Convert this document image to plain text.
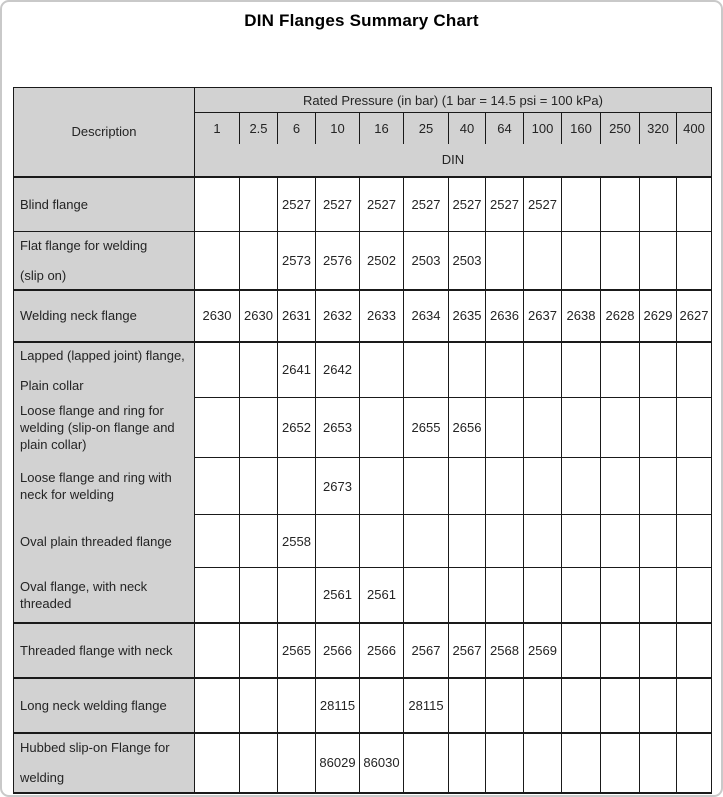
DIN Flanges Summary Chart
Description	Rated Pressure (in bar) (1 bar = 14.5 psi = 100 kPa)												
	1	2.5	6	10	16	25	40	64	100	160	250	320	400
	DIN												

Blind flange			2527	2527	2527	2527	2527	2527	2527				

Flat flange for welding
(slip on)			2573	2576	2502	2503	2503						

Welding neck flange	2630	2630	2631	2632	2633	2634	2635	2636	2637	2638	2628	2629	2627

Lapped (lapped joint) flange,
Plain collar			2641	2642									

Loose flange and ring for
welding (slip-on flange and
plain collar)			2652	2653		2655	2656						

Loose flange and ring with
neck for welding				2673									

Oval plain threaded flange			2558										

Oval flange, with neck
threaded				2561	2561								

Threaded flange with neck			2565	2566	2566	2567	2567	2568	2569				

Long neck welding flange				28115		28115							

Hubbed slip-on Flange for
welding				86029	86030								
